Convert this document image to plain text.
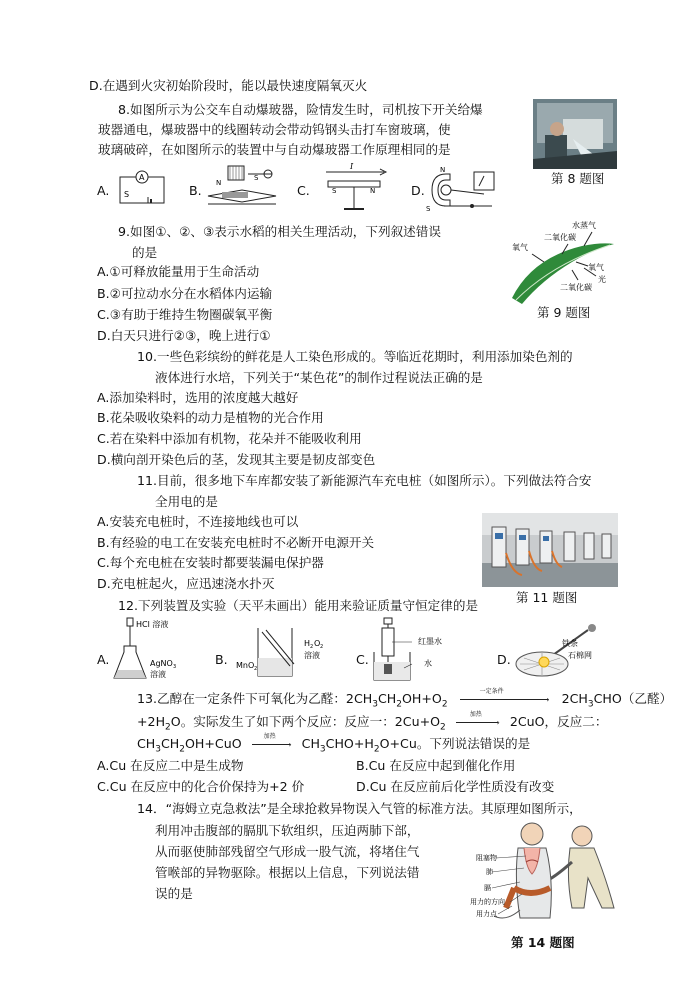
D.在遇到火灾初始阶段时，能以最快速度隔氧灭火
8.如图所示为公交车自动爆玻器，险情发生时，司机按下开关给爆
玻器通电，爆玻器中的线圈转动会带动钨钢头击打车窗玻璃，使
玻璃破碎，在如图所示的装置中与自动爆玻器工作原理相同的是
第 8 题图
A.
A
S	B. N
S
C.
I
S	N	D.
N
S
9.如图①、②、③表示水稻的相关生理活动，下列叙述错误
的是
A.①可释放能量用于生命活动
B.②可拉动水分在水稻体内运输
C.③有助于维持生物圈碳氧平衡
D.白天只进行②③，晚上进行①
水蒸气
二氧化碳
氧气
氧气
二氧化碳
光
第 9 题图
10.一些色彩缤纷的鲜花是人工染色形成的。等临近花期时，利用添加染色剂的
液体进行水培，下列关于“某色花”的制作过程说法正确的是
A.添加染料时，选用的浓度越大越好
B.花朵吸收染料的动力是植物的光合作用
C.若在染料中添加有机物，花朵并不能吸收利用
D.横向剖开染色后的茎，发现其主要是韧皮部变色
11.目前，很多地下车库都安装了新能源汽车充电桩（如图所示）。下列做法符合安
全用电的是
A.安装充电桩时，不连接地线也可以
B.有经验的电工在安装充电桩时不必断开电源开关
C.每个充电桩在安装时都要装漏电保护器
D.充电桩起火，应迅速浇水扑灭
第 11 题图
12.下列装置及实验（天平未画出）能用来验证质量守恒定律的是
A.
HCl 溶液
AgNO 3
溶液
B. MnO 2
H 2 O 2
溶液	C.
红墨水
水	D.
铁条
石棉网
13.乙醇在一定条件下可氧化为乙醛：$2CH_3CH_2OH+O_2$
一定条件
› $2CH_3CHO$（乙醛）
$+2H_2O$。实际发生了如下两个反应：反应一：$2Cu+O_2$
加热
› 2CuO，反应二：
$CH_3CH_2OH+CuO$	加热
› $CH_3CHO+H_2O+Cu$。下列说法错误的是
A.Cu 在反应二中是生成物	B.Cu 在反应中起到催化作用
C.Cu 在反应中的化合价保持为+2 价	D.Cu 在反应前后化学性质没有改变
14．“海姆立克急救法”是全球抢救异物误入气管的标准方法。其原理如图所示，
利用冲击腹部的膈肌下软组织，压迫两肺下部，
从而驱使肺部残留空气形成一股气流，将堵住气
管喉部的异物驱除。根据以上信息，下列说法错
误的是
阻塞物
肺
膈
用力的方向
用力点
第 14 题图
